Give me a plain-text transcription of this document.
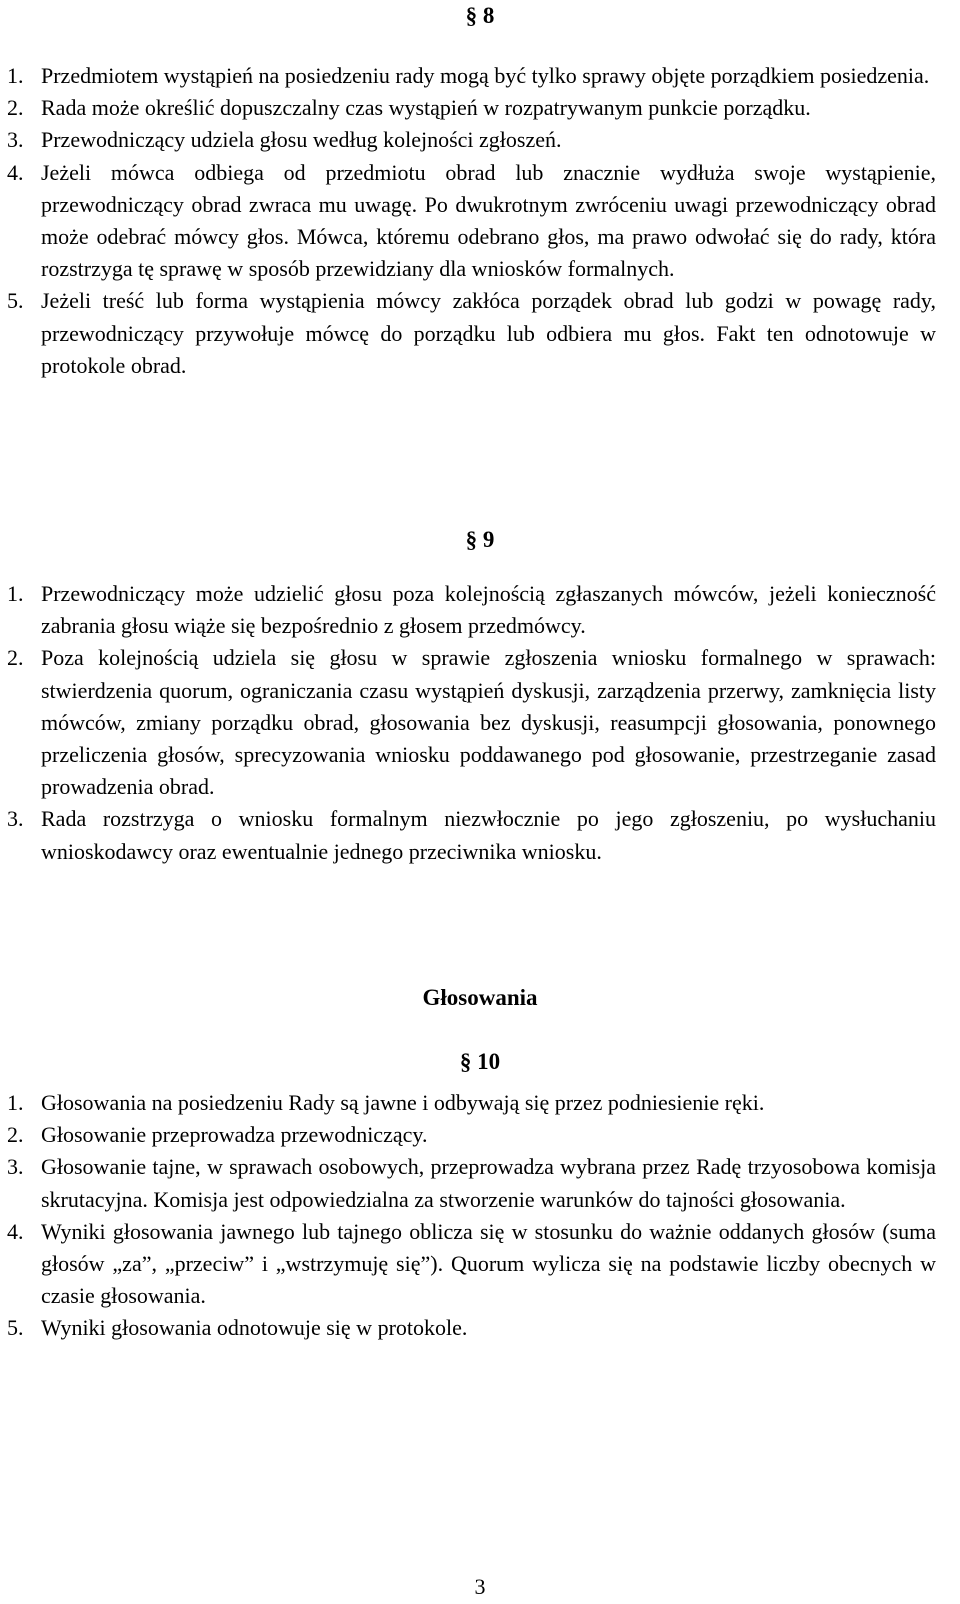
§ 8

1. Przedmiotem wystąpień na posiedzeniu rady mogą być tylko sprawy objęte porządkiem posiedzenia.
2. Rada może określić dopuszczalny czas wystąpień w rozpatrywanym punkcie porządku.
3. Przewodniczący udziela głosu według kolejności zgłoszeń.
4. Jeżeli mówca odbiega od przedmiotu obrad lub znacznie wydłuża swoje wystąpienie, przewodniczący obrad zwraca mu uwagę. Po dwukrotnym zwróceniu uwagi przewodniczący obrad może odebrać mówcy głos. Mówca, któremu odebrano głos, ma prawo odwołać się do rady, która rozstrzyga tę sprawę w sposób przewidziany dla wniosków formalnych.
5. Jeżeli treść lub forma wystąpienia mówcy zakłóca porządek obrad lub godzi w powagę rady, przewodniczący przywołuje mówcę do porządku lub odbiera mu głos. Fakt ten odnotowuje w protokole obrad.

§ 9

1. Przewodniczący może udzielić głosu poza kolejnością zgłaszanych mówców, jeżeli konieczność zabrania głosu wiąże się bezpośrednio z głosem przedmówcy.
2. Poza kolejnością udziela się głosu w sprawie zgłoszenia wniosku formalnego w sprawach: stwierdzenia quorum, ograniczania czasu wystąpień dyskusji, zarządzenia przerwy, zamknięcia listy mówców, zmiany porządku obrad, głosowania bez dyskusji, reasumpcji głosowania, ponownego przeliczenia głosów, sprecyzowania wniosku poddawanego pod głosowanie, przestrzeganie zasad prowadzenia obrad.
3. Rada rozstrzyga o wniosku formalnym niezwłocznie po jego zgłoszeniu, po wysłuchaniu wnioskodawcy oraz ewentualnie jednego przeciwnika wniosku.

Głosowania

§ 10

1. Głosowania na posiedzeniu Rady są jawne i odbywają się przez podniesienie ręki.
2. Głosowanie przeprowadza przewodniczący.
3. Głosowanie tajne, w sprawach osobowych, przeprowadza wybrana przez Radę trzyosobowa komisja skrutacyjna. Komisja jest odpowiedzialna za stworzenie warunków do tajności głosowania.
4. Wyniki głosowania jawnego lub tajnego oblicza się w stosunku do ważnie oddanych głosów (suma głosów „za”, „przeciw” i „wstrzymuję się”). Quorum wylicza się na podstawie liczby obecnych w czasie głosowania.
5. Wyniki głosowania odnotowuje się w protokole.
3
